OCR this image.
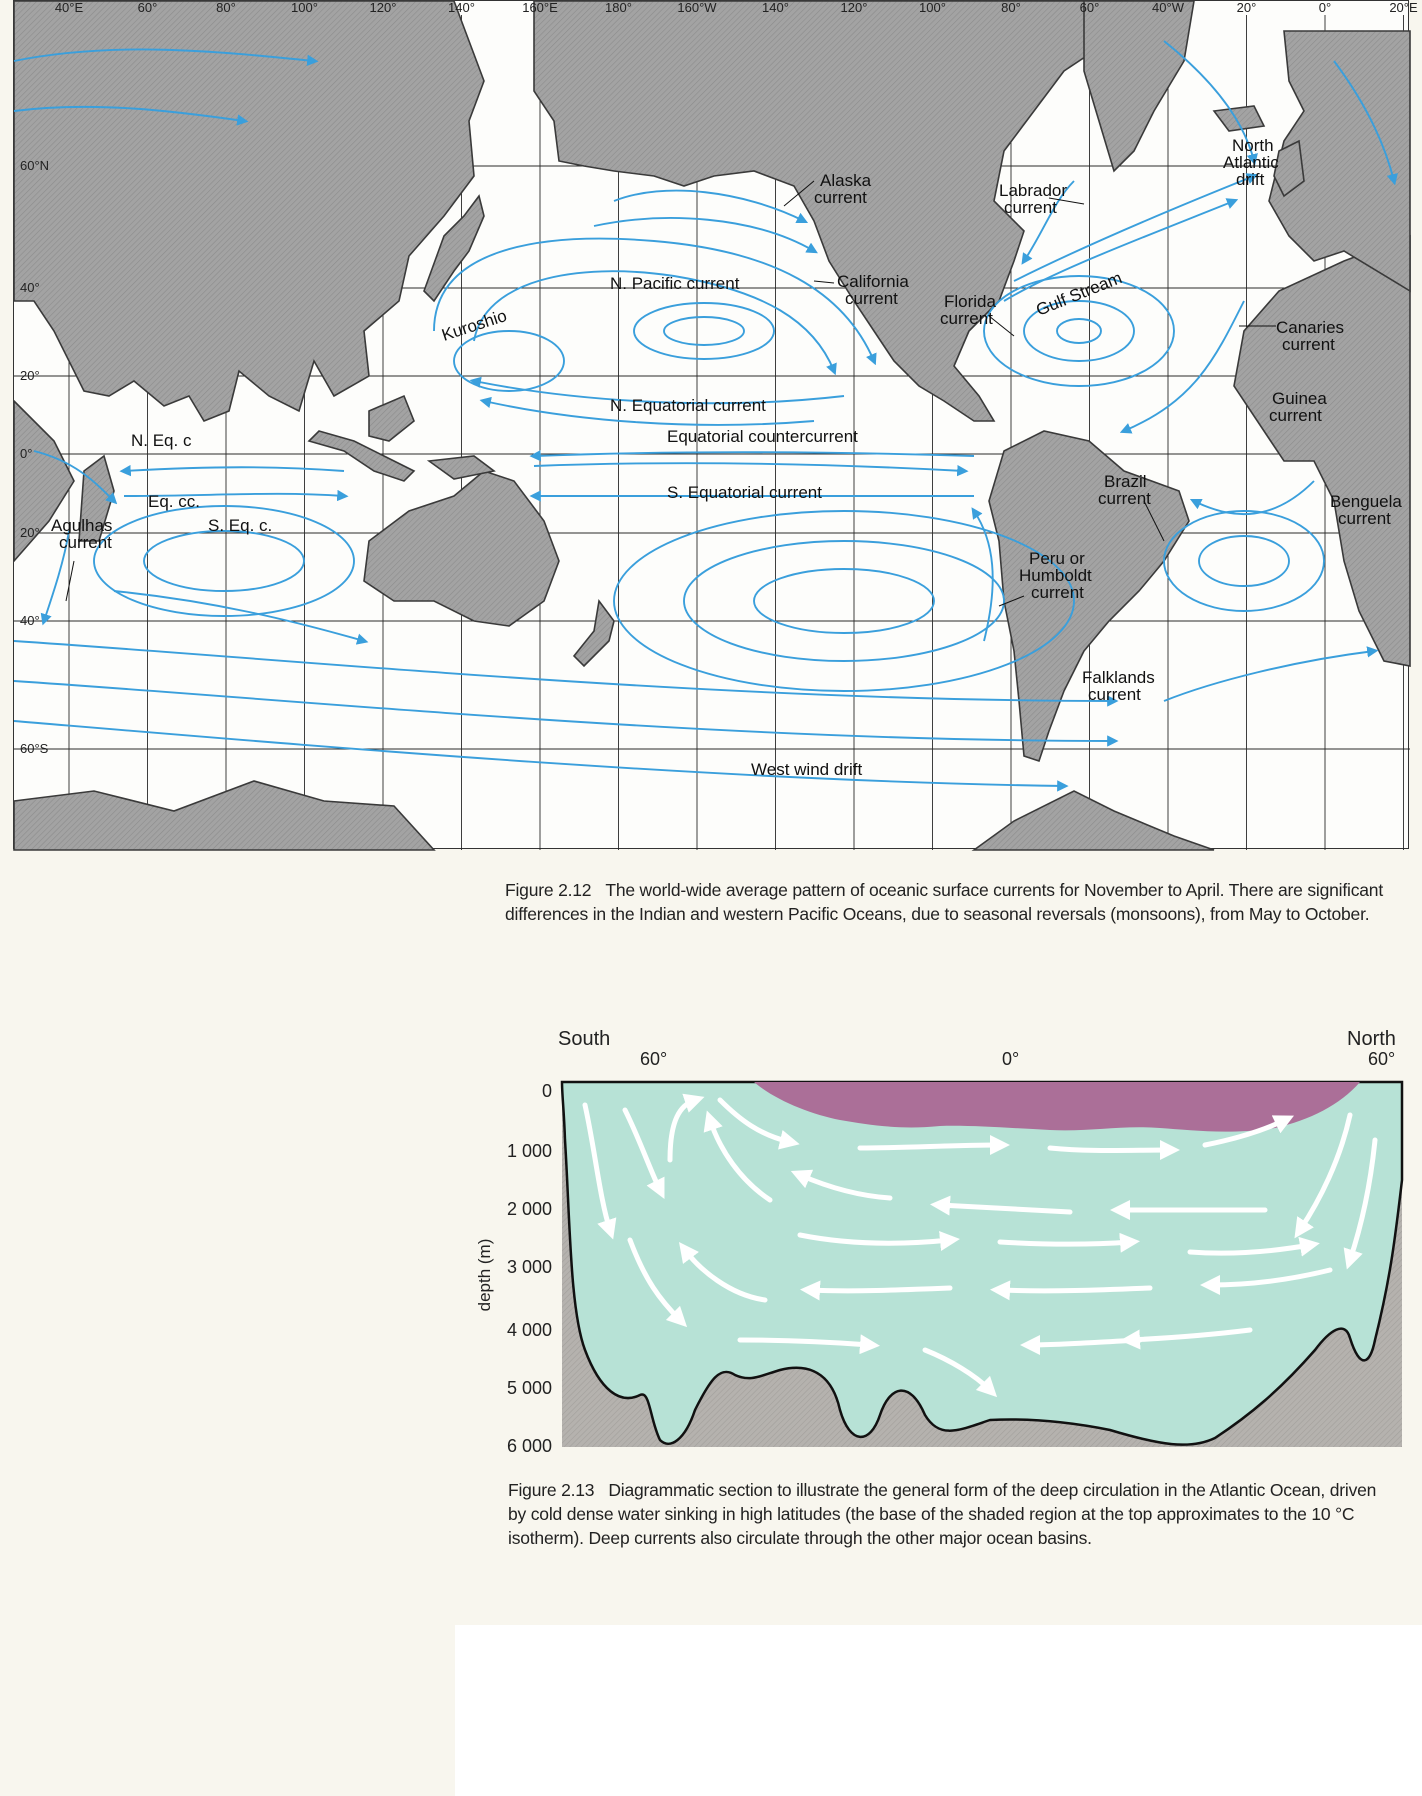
40°E	60°	80°	100°	120°	140°	160°E	180°	160°W	140°	120°	100°	80°	60°	40°W	20°	0°	20°E
60°N
40°
20°
0°
20°
40°
60°S
Alaska current	Labrador current
North Atlantic drift
N. Pacific current	California current	Florida current Gulf Stream
Kuroshio	Canaries current
N. Equatorial current
Equatorial countercurrent
Guinea current
N. Eq. c
Eq. cc.
S. Eq. c.
S. Equatorial current
Brazil current	Benguela current
Agulhas current
Peru or Humboldt current
Falklands current
West wind drift
Figure 2.12 The world-wide average pattern of oceanic surface currents for November to April. There are significant differences in the Indian and western Pacific Oceans, due to seasonal reversals (monsoons), from May to October.
South	North
60°	0°	60°
0
1 000
2 000
3 000
4 000
5 000
6 000
depth (m)
Figure 2.13 Diagrammatic section to illustrate the general form of the deep circulation in the Atlantic Ocean, driven by cold dense water sinking in high latitudes (the base of the shaded region at the top approximates to the 10 °C isotherm). Deep currents also circulate through the other major ocean basins.
